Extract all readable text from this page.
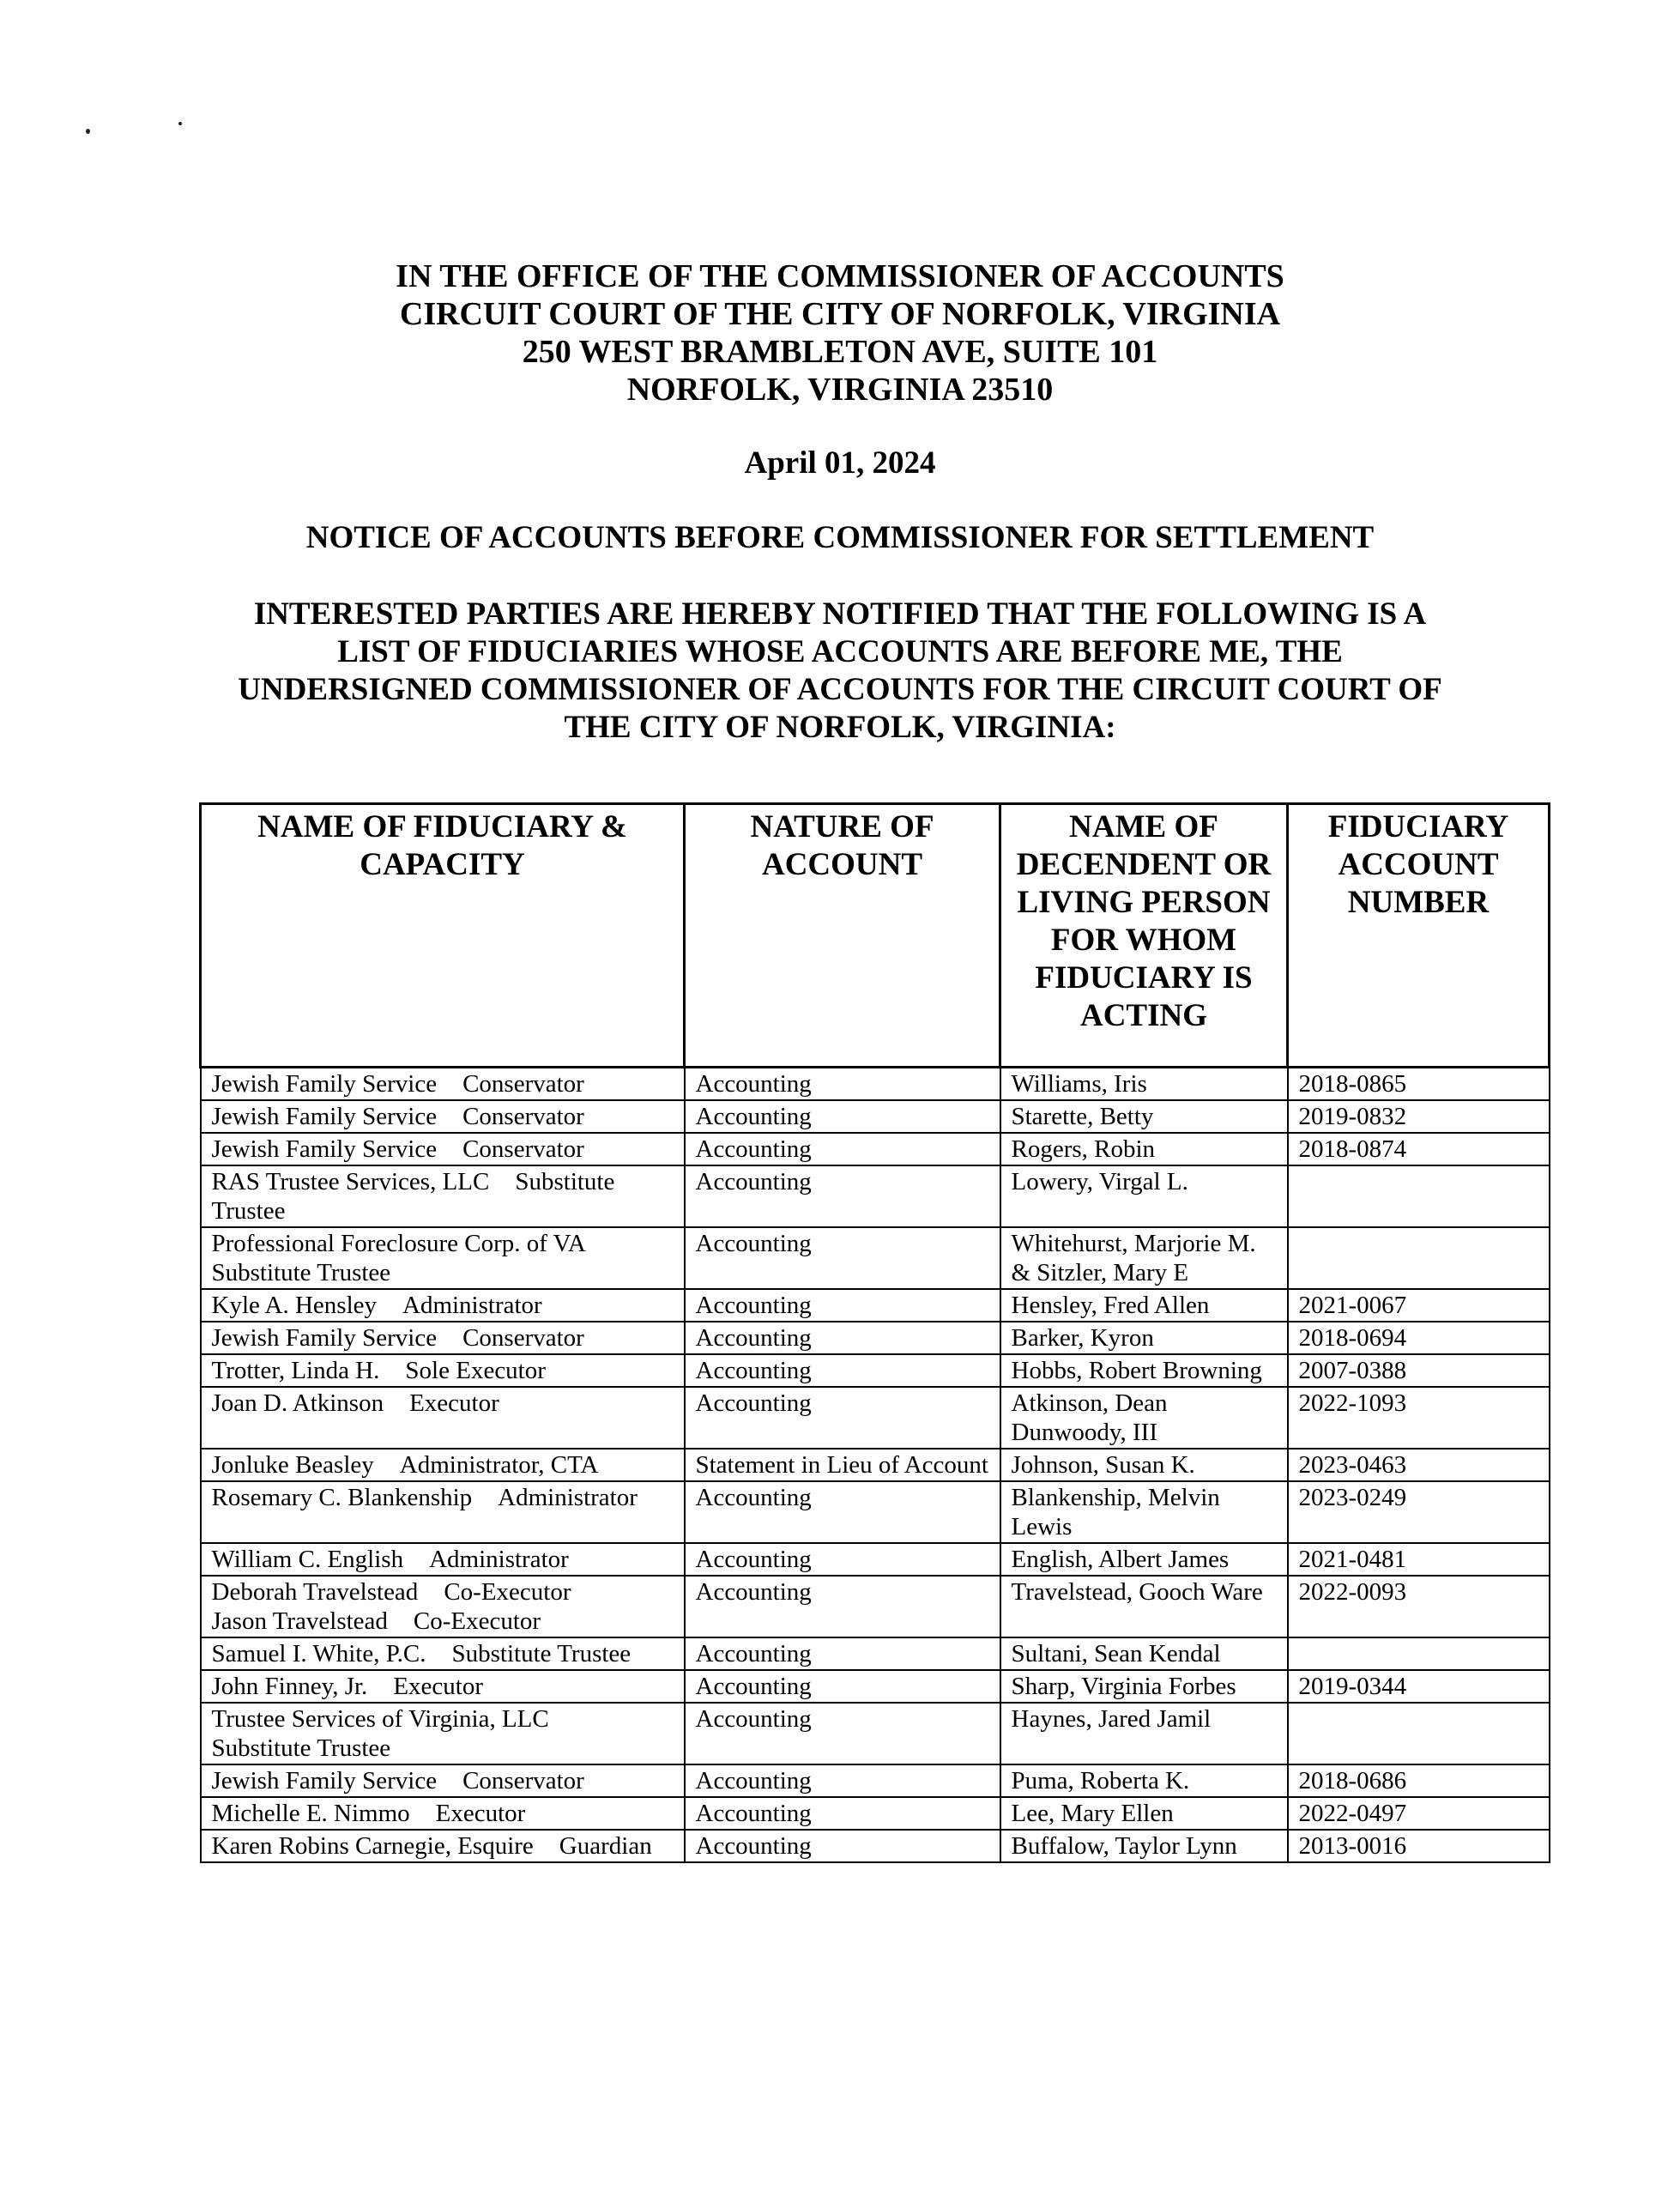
IN THE OFFICE OF THE COMMISSIONER OF ACCOUNTS
CIRCUIT COURT OF THE CITY OF NORFOLK, VIRGINIA
250 WEST BRAMBLETON AVE, SUITE 101
NORFOLK, VIRGINIA 23510
April 01, 2024
NOTICE OF ACCOUNTS BEFORE COMMISSIONER FOR SETTLEMENT
INTERESTED PARTIES ARE HEREBY NOTIFIED THAT THE FOLLOWING IS A
LIST OF FIDUCIARIES WHOSE ACCOUNTS ARE BEFORE ME, THE
UNDERSIGNED COMMISSIONER OF ACCOUNTS FOR THE CIRCUIT COURT OF
THE CITY OF NORFOLK, VIRGINIA:
NAME OF FIDUCIARY & CAPACITY	NATURE OF ACCOUNT	NAME OF DECENDENT OR LIVING PERSON FOR WHOM FIDUCIARY IS ACTING	FIDUCIARY ACCOUNT NUMBER
Jewish Family Service Conservator	Accounting	Williams, Iris	2018-0865
Jewish Family Service Conservator	Accounting	Starette, Betty	2019-0832
Jewish Family Service Conservator	Accounting	Rogers, Robin	2018-0874
RAS Trustee Services, LLC Substitute Trustee	Accounting	Lowery, Virgal L.	
Professional Foreclosure Corp. of VASubstitute Trustee	Accounting	Whitehurst, Marjorie M. & Sitzler, Mary E	
Kyle A. Hensley Administrator	Accounting	Hensley, Fred Allen	2021-0067
Jewish Family Service Conservator	Accounting	Barker, Kyron	2018-0694
Trotter, Linda H. Sole Executor	Accounting	Hobbs, Robert Browning	2007-0388
Joan D. Atkinson Executor	Accounting	Atkinson, Dean Dunwoody, III	2022-1093
Jonluke Beasley Administrator, CTA	Statement in Lieu of Account	Johnson, Susan K.	2023-0463
Rosemary C. Blankenship Administrator	Accounting	Blankenship, Melvin Lewis	2023-0249
William C. English Administrator	Accounting	English, Albert James	2021-0481
Deborah Travelstead Co-Executor
Jason Travelstead Co-Executor	Accounting	Travelstead, Gooch Ware	2022-0093
Samuel I. White, P.C. Substitute Trustee	Accounting	Sultani, Sean Kendal	
John Finney, Jr. Executor	Accounting	Sharp, Virginia Forbes	2019-0344
Trustee Services of Virginia, LLCSubstitute Trustee	Accounting	Haynes, Jared Jamil	
Jewish Family Service Conservator	Accounting	Puma, Roberta K.	2018-0686
Michelle E. Nimmo Executor	Accounting	Lee, Mary Ellen	2022-0497
Karen Robins Carnegie, Esquire Guardian	Accounting	Buffalow, Taylor Lynn	2013-0016
